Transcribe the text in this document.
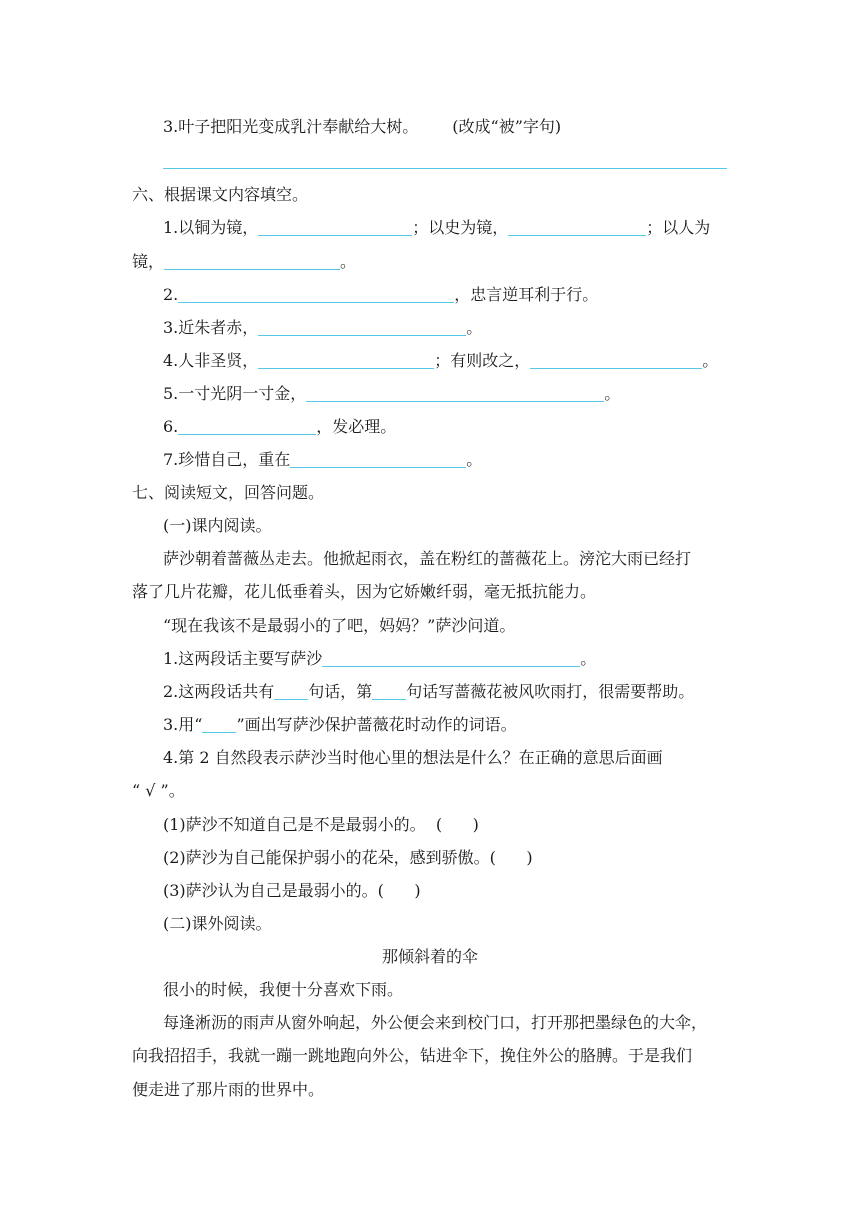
3.叶子把阳光变成乳汁奉献给大树。 (改成“被”字句)
六、根据课文内容填空。
1.以铜为镜，	；以史为镜，	；以人为
镜，	。
2.	，忠言逆耳利于行。
3.近朱者赤，	。
4.人非圣贤，	；有则改之，	。
5.一寸光阴一寸金，	。
6.	，发必理。
7.珍惜自己，重在	。
七、阅读短文，回答问题。
(一)课内阅读。
萨沙朝着蔷薇丛走去。他掀起雨衣，盖在粉红的蔷薇花上。滂沱大雨已经打
落了几片花瓣，花儿低垂着头，因为它娇嫩纤弱，毫无抵抗能力。
“现在我该不是最弱小的了吧，妈妈？”萨沙问道。
1.这两段话主要写萨沙	。
2.这两段话共有 句话，第 句话写蔷薇花被风吹雨打，很需要帮助。
3.用“ ”画出写萨沙保护蔷薇花时动作的词语。
4.第 2 自然段表示萨沙当时他心里的想法是什么？在正确的意思后面画
“ √ ”。
(1)萨沙不知道自己是不是最弱小的。  (      )
(2)萨沙为自己能保护弱小的花朵，感到骄傲。(      )
(3)萨沙认为自己是最弱小的。(      )
(二)课外阅读。
那倾斜着的伞
很小的时候，我便十分喜欢下雨。
每逢淅沥的雨声从窗外响起，外公便会来到校门口，打开那把墨绿色的大伞，
向我招招手，我就一蹦一跳地跑向外公，钻进伞下，挽住外公的胳膊。于是我们
便走进了那片雨的世界中。
